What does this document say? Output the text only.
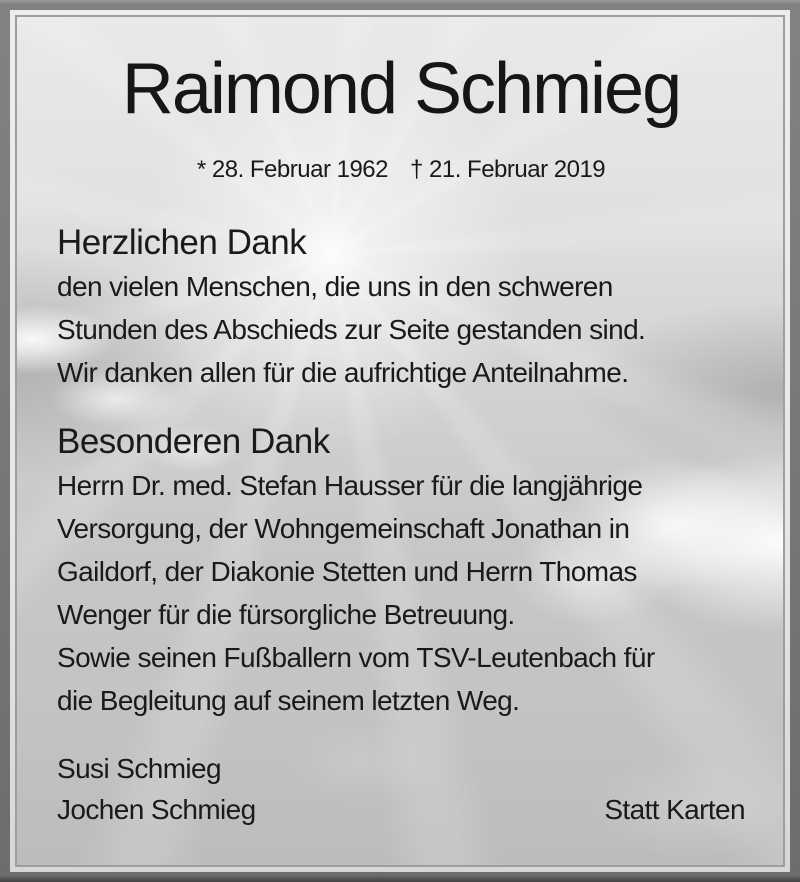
Raimond Schmieg
* 28. Februar 1962 † 21. Februar 2019
Herzlichen Dank
den vielen Menschen, die uns in den schweren
Stunden des Abschieds zur Seite gestanden sind.
Wir danken allen für die aufrichtige Anteilnahme.
Besonderen Dank
Herrn Dr. med. Stefan Hausser für die langjährige
Versorgung, der Wohngemeinschaft Jonathan in
Gaildorf, der Diakonie Stetten und Herrn Thomas
Wenger für die fürsorgliche Betreuung.
Sowie seinen Fußballern vom TSV-Leutenbach für
die Begleitung auf seinem letzten Weg.
Susi Schmieg
Jochen Schmieg	Statt Karten
